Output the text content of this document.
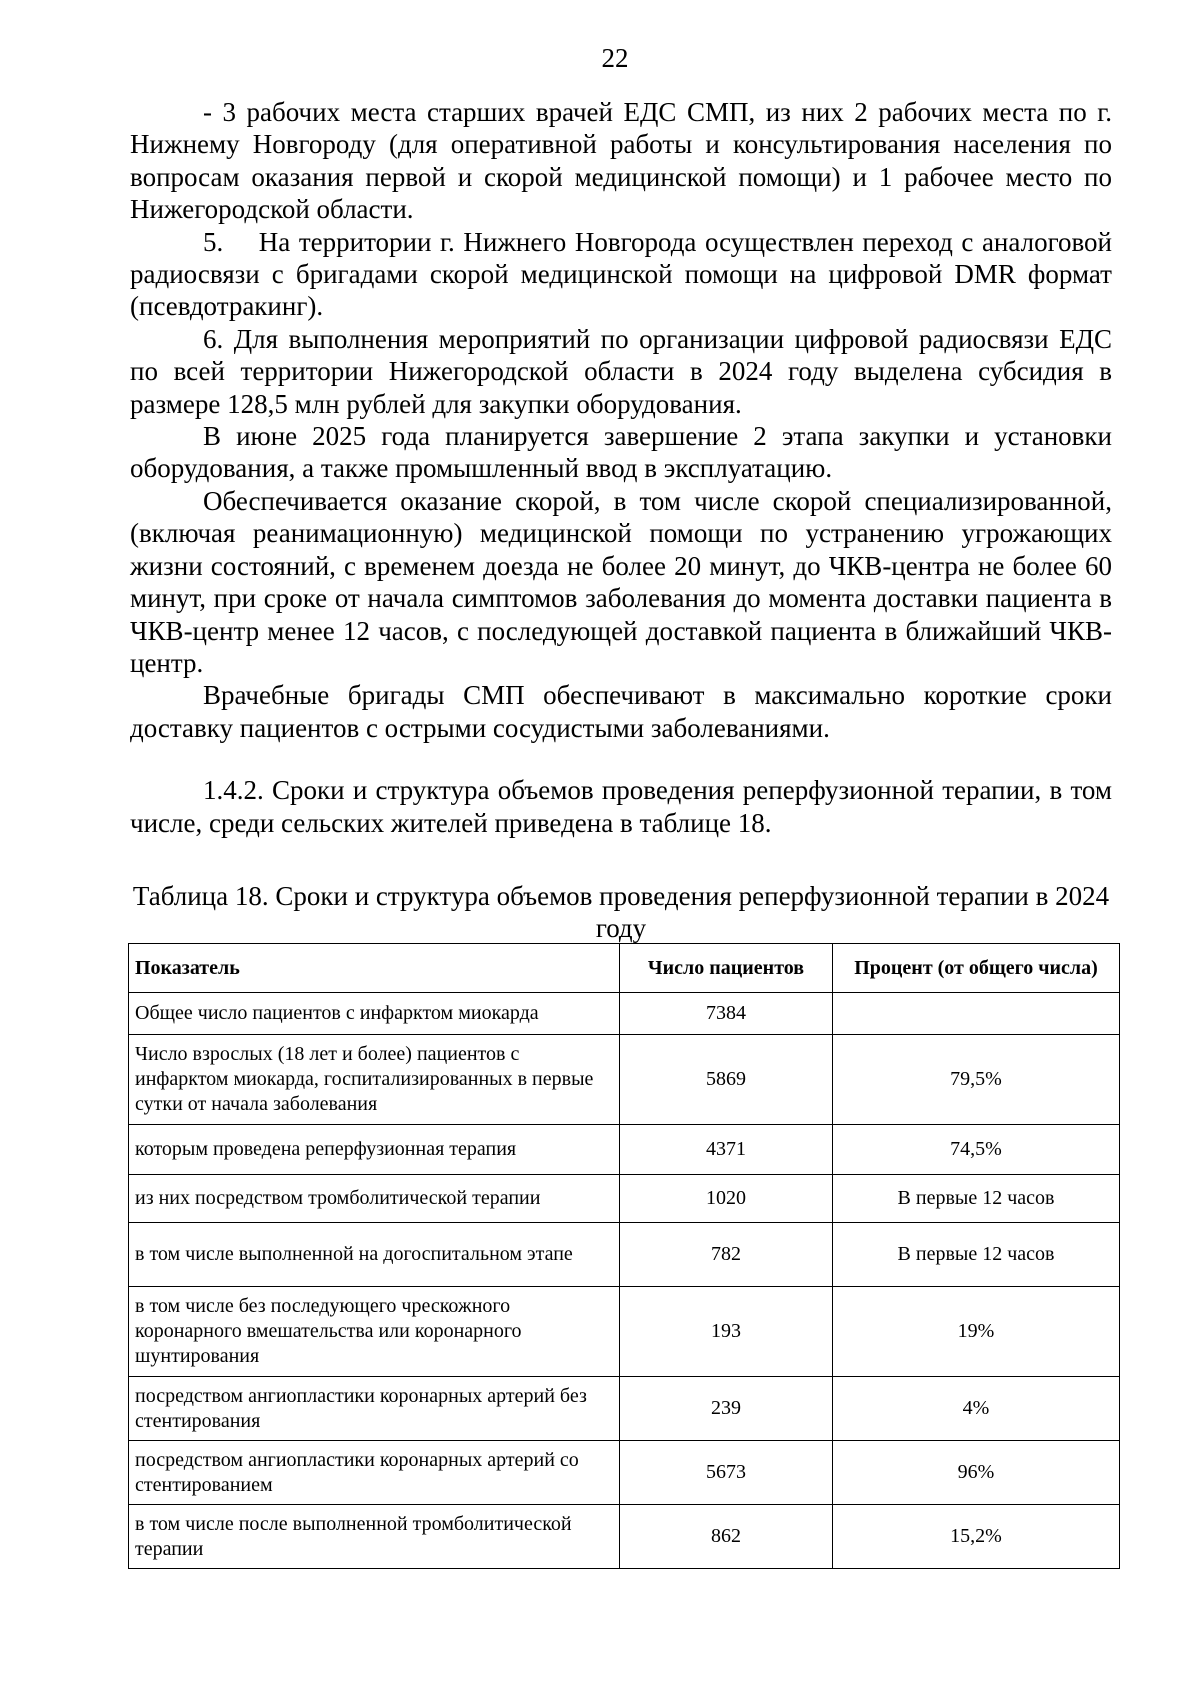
22

- 3 рабочих места старших врачей ЕДС СМП, из них 2 рабочих места по г. Нижнему Новгороду (для оперативной работы и консультирования населения по вопросам оказания первой и скорой медицинской помощи) и 1 рабочее место по Нижегородской области.

5.  На территории г. Нижнего Новгорода осуществлен переход с аналоговой радиосвязи с бригадами скорой медицинской помощи на цифровой DMR формат (псевдотракинг).

6. Для выполнения мероприятий по организации цифровой радиосвязи ЕДС по всей территории Нижегородской области в 2024 году выделена субсидия в размере 128,5 млн рублей для закупки оборудования.

В июне 2025 года планируется завершение 2 этапа закупки и установки оборудования, а также промышленный ввод в эксплуатацию.

Обеспечивается оказание скорой, в том числе скорой специализированной, (включая реанимационную) медицинской помощи по устранению угрожающих жизни состояний, с временем доезда не более 20 минут, до ЧКВ-центра не более 60 минут, при сроке от начала симптомов заболевания до момента доставки пациента в ЧКВ-центр менее 12 часов, с последующей доставкой пациента в ближайший ЧКВ-центр.

Врачебные бригады СМП обеспечивают в максимально короткие сроки доставку пациентов с острыми сосудистыми заболеваниями.

1.4.2. Сроки и структура объемов проведения реперфузионной терапии, в том числе, среди сельских жителей приведена в таблице 18.

Таблица 18. Сроки и структура объемов проведения реперфузионной терапии в 2024 году
Показатель	Число пациентов	Процент (от общего числа)
Общее число пациентов с инфарктом миокарда	7384	
Число взрослых (18 лет и более) пациентов с инфарктом миокарда, госпитализированных в первые сутки от начала заболевания	5869	79,5%
которым проведена реперфузионная терапия	4371	74,5%
из них посредством тромболитической терапии	1020	В первые 12 часов
в том числе выполненной на догоспитальном этапе	782	В первые 12 часов
в том числе без последующего чрескожного коронарного вмешательства или коронарного шунтирования	193	19%
посредством ангиопластики коронарных артерий без стентирования	239	4%
посредством ангиопластики коронарных артерий со стентированием	5673	96%
в том числе после выполненной тромболитической терапии	862	15,2%
